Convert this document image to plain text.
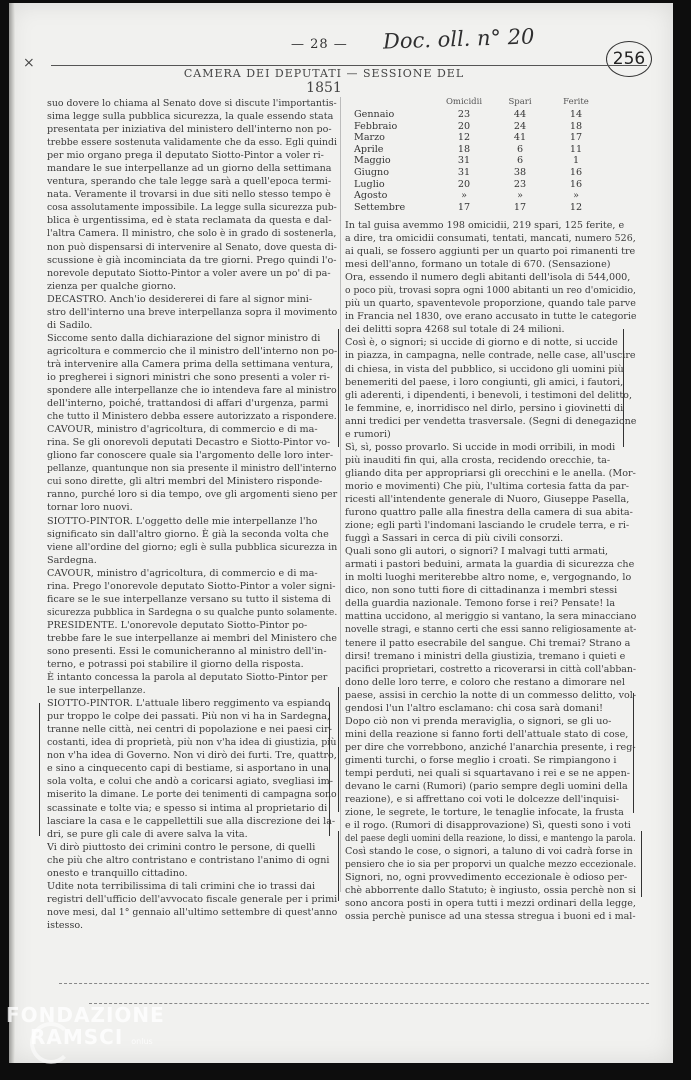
×
— 28 — Doc. oll. n° 20
256
CAMERA DEI DEPUTATI — SESSIONE DEL 1851
suo dovere lo chiama al Senato dove si discute l'importantis-
sima legge sulla pubblica sicurezza, la quale essendo stata
presentata per iniziativa del ministero dell'interno non po-
trebbe essere sostenuta validamente che da esso. Egli quindi
per mio organo prega il deputato Siotto-Pintor a voler ri-
mandare le sue interpellanze ad un giorno della settimana
ventura, sperando che tale legge sarà a quell'epoca termi-
nata. Veramente il trovarsi in due siti nello stesso tempo è
cosa assolutamente impossibile. La legge sulla sicurezza pub-
blica è urgentissima, ed è stata reclamata da questa e dal-
l'altra Camera. Il ministro, che solo è in grado di sostenerla,
non può dispensarsi di intervenire al Senato, dove questa di-
scussione è già incominciata da tre giorni. Prego quindi l'o-
norevole deputato Siotto-Pintor a voler avere un po' di pa-
zienza per qualche giorno.
DECASTRO. Anch'io desidererei di fare al signor mini-
stro dell'interno una breve interpellanza sopra il movimento
di Sadilo.
Siccome sento dalla dichiarazione del signor ministro di
agricoltura e commercio che il ministro dell'interno non po-
trà intervenire alla Camera prima della settimana ventura,
io pregherei i signori ministri che sono presenti a voler ri-
spondere alle interpellanze che io intendeva fare al ministro
dell'interno, poiché, trattandosi di affari d'urgenza, parmi
che tutto il Ministero debba essere autorizzato a rispondere.
CAVOUR, ministro d'agricoltura, di commercio e di ma-
rina. Se gli onorevoli deputati Decastro e Siotto-Pintor vo-
gliono far conoscere quale sia l'argomento delle loro inter-
pellanze, quantunque non sia presente il ministro dell'interno
cui sono dirette, gli altri membri del Ministero risponde-
ranno, purché loro si dia tempo, ove gli argomenti sieno per
tornar loro nuovi.
SIOTTO-PINTOR. L'oggetto delle mie interpellanze l'ho
significato sin dall'altro giorno. È già la seconda volta che
viene all'ordine del giorno; egli è sulla pubblica sicurezza in
Sardegna.
CAVOUR, ministro d'agricoltura, di commercio e di ma-
rina. Prego l'onorevole deputato Siotto-Pintor a voler signi-
ficare se le sue interpellanze versano su tutto il sistema di
sicurezza pubblica in Sardegna o su qualche punto solamente.
PRESIDENTE. L'onorevole deputato Siotto-Pintor po-
trebbe fare le sue interpellanze ai membri del Ministero che
sono presenti. Essi le comunicheranno al ministro dell'in-
terno, e potrassi poi stabilire il giorno della risposta.
È intanto concessa la parola al deputato Siotto-Pintor per
le sue interpellanze.
SIOTTO-PINTOR. L'attuale libero reggimento va espiando
pur troppo le colpe dei passati. Più non vi ha in Sardegna,
tranne nelle città, nei centri di popolazione e nei paesi cir-
costanti, idea di proprietà, più non v'ha idea di giustizia, più
non v'ha idea di Governo. Non vi dirò dei furti. Tre, quattro,
e sino a cinquecento capi di bestiame, si asportano in una
sola volta, e colui che andò a coricarsi agiato, svegliasi im-
miserito la dimane. Le porte dei tenimenti di campagna sono
scassinate e tolte via; e spesso si intima al proprietario di
lasciare la casa e le cappellettili sue alla discrezione dei la-
dri, se pure gli cale di avere salva la vita.
Vi dirò piuttosto dei crimini contro le persone, di quelli
che più che altro contristano e contristano l'animo di ogni
onesto e tranquillo cittadino.
Udite nota terribilissima di tali crimini che io trassi dai
registri dell'ufficio dell'avvocato fiscale generale per i primi
nove mesi, dal 1° gennaio all'ultimo settembre di quest'anno
istesso.
Omicidii	Spari	Ferite
Gennaio	23	44	14
Febbraio	20	24	18
Marzo	12	41	17
Aprile	18	6	11
Maggio	31	6	1
Giugno	31	38	16
Luglio	20	23	16
Agosto	»	»	»
Settembre	17	17	12
In tal guisa avemmo 198 omicidii, 219 spari, 125 ferite, e
a dire, tra omicidii consumati, tentati, mancati, numero 526,
ai quali, se fossero aggiunti per un quarto poi rimanenti tre
mesi dell'anno, formano un totale di 670. (Sensazione)
Ora, essendo il numero degli abitanti dell'isola di 544,000,
o poco più, trovasi sopra ogni 1000 abitanti un reo d'omicidio,
più un quarto, spaventevole proporzione, quando tale parve
in Francia nel 1830, ove erano accusato in tutte le categorie
dei delitti sopra 4268 sul totale di 24 milioni.
Così è, o signori; si uccide di giorno e di notte, si uccide
in piazza, in campagna, nelle contrade, nelle case, all'uscire
di chiesa, in vista del pubblico, si uccidono gli uomini più
benemeriti del paese, i loro congiunti, gli amici, i fautori,
gli aderenti, i dipendenti, i benevoli, i testimoni del delitto,
le femmine, e, inorridisco nel dirlo, persino i giovinetti di
anni tredici per vendetta trasversale. (Segni di denegazione
e rumori)
Sì, sì, posso provarlo. Si uccide in modi orribili, in modi
più inauditi fin qui, alla crosta, recidendo orecchie, ta-
gliando dita per appropriarsi gli orecchini e le anella. (Mor-
morio e movimenti) Che più, l'ultima cortesia fatta da par-
ricesti all'intendente generale di Nuoro, Giuseppe Pasella,
furono quattro palle alla finestra della camera di sua abita-
zione; egli partì l'indomani lasciando le crudele terra, e ri-
fuggì a Sassari in cerca di più civili consorzi.
Quali sono gli autori, o signori? I malvagi tutti armati,
armati i pastori beduini, armata la guardia di sicurezza che
in molti luoghi meriterebbe altro nome, e, vergognando, lo
dico, non sono tutti fiore di cittadinanza i membri stessi
della guardia nazionale. Temono forse i rei? Pensate! la
mattina uccidono, al meriggio si vantano, la sera minacciano
novelle stragi, e stanno certi che essi sanno religiosamente at-
tenere il patto esecrabile del sangue. Chi tremai? Strano a
dirsi! tremano i ministri della giustizia, tremano i quieti e
pacifici proprietari, costretto a ricoverarsi in città coll'abban-
dono delle loro terre, e coloro che restano a dimorare nel
paese, assisi in cerchio la notte di un commesso delitto, vol-
gendosi l'un l'altro esclamano: chi cosa sarà domani!
Dopo ciò non vi prenda meraviglia, o signori, se gli uo-
mini della reazione si fanno forti dell'attuale stato di cose,
per dire che vorrebbono, anziché l'anarchia presente, i reg-
gimenti turchi, o forse meglio i croati. Se rimpiangono i
tempi perduti, nei quali si squartavano i rei e se ne appen-
devano le carni (Rumori) (pario sempre degli uomini della
reazione), e si affrettano coi voti le dolcezze dell'inquisi-
zione, le segrete, le torture, le tenaglie infocate, la frusta
e il rogo. (Rumori di disapprovazione) Sì, questi sono i voti
del paese degli uomini della reazione, lo dissi, e mantengo la parola.
Così stando le cose, o signori, a taluno di voi cadrà forse in
pensiero che io sia per proporvi un qualche mezzo eccezionale.
Signori, no, ogni provvedimento eccezionale è odioso per-
chè abborrente dallo Statuto; è ingiusto, ossia perchè non si
sono ancora posti in opera tutti i mezzi ordinari della legge,
ossia perchè punisce ad una stessa stregua i buoni ed i mal-
FONDAZIONE
RAMSCI onlus
